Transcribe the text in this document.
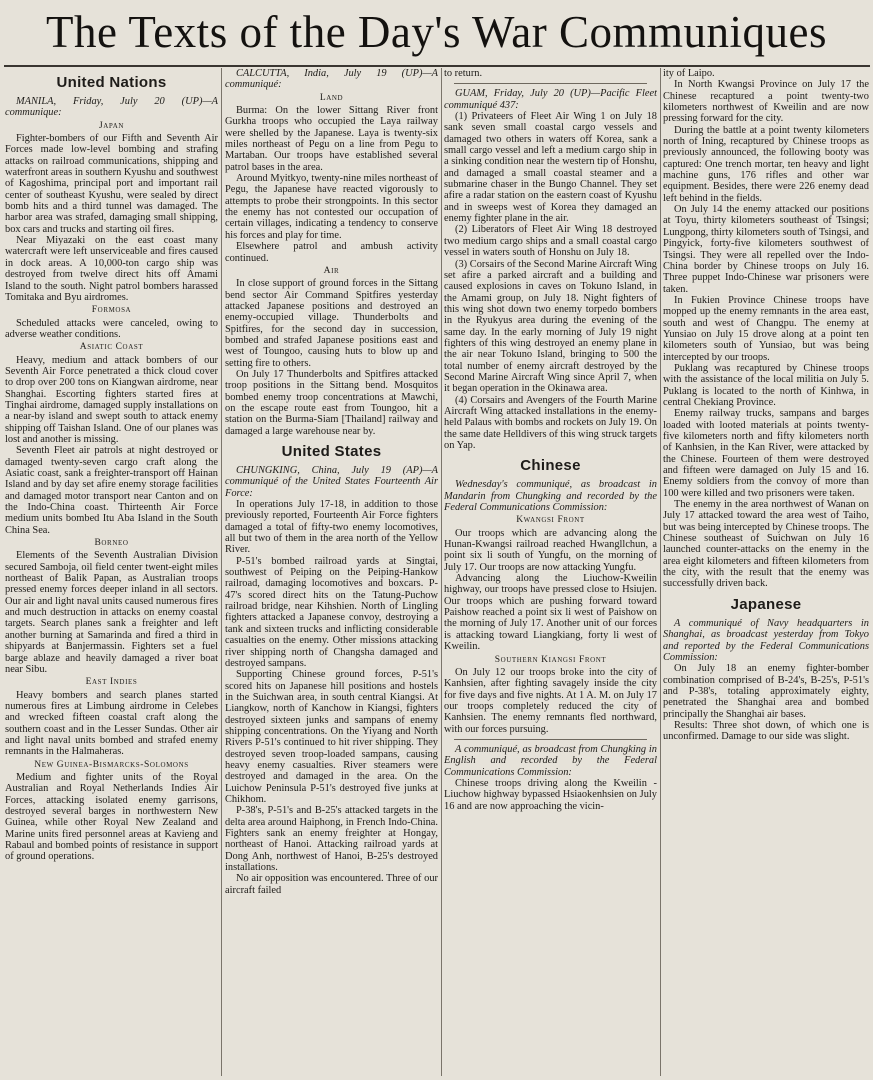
The Texts of the Day's War Communiques
United Nations

MANILA, Friday, July 20 (UP)—A communique:

Japan

Fighter-bombers of our Fifth and Seventh Air Forces made low-level bombing and strafing attacks on railroad communications, shipping and waterfront areas in southern Kyushu and southwest of Kagoshima, principal port and important rail center of southeast Kyushu, were sealed by direct bomb hits and a third tunnel was damaged. The harbor area was strafed, damaging small shipping, box cars and trucks and starting oil fires.

Near Miyazaki on the east coast many watercraft were left unserviceable and fires caused in dock areas. A 10,000-ton cargo ship was destroyed from twelve direct hits off Amami Island to the south. Night patrol bombers harassed Tomitaka and Byu airdromes.

Formosa

Scheduled attacks were canceled, owing to adverse weather conditions.

Asiatic Coast

Heavy, medium and attack bombers of our Seventh Air Force penetrated a thick cloud cover to drop over 200 tons on Kiangwan airdrome, near Shanghai. Escorting fighters started fires at Tinghai airdrome, damaged supply installations on a near-by island and swept south to attack enemy shipping off Taishan Island. One of our planes was lost and another is missing.

Seventh Fleet air patrols at night destroyed or damaged twenty-seven cargo craft along the Asiatic coast, sank a freighter-transport off Hainan Island and by day set afire enemy storage facilities and damaged motor transport near Canton and on the Indo-China coast. Thirteenth Air Force medium units bombed Itu Aba Island in the South China Sea.

Borneo

Elements of the Seventh Australian Division secured Samboja, oil field center twent-eight miles northeast of Balik Papan, as Australian troops pressed enemy forces deeper inland in all sectors. Our air and light naval units caused numerous fires and much destruction in attacks on enemy coastal targets. Search planes sank a freighter and left another burning at Samarinda and fired a third in shipyards at Banjermassin. Fighters set a fuel barge ablaze and heavily damaged a river boat near Sibu.

East Indies

Heavy bombers and search planes started numerous fires at Limbung airdrome in Celebes and wrecked fifteen coastal craft along the southern coast and in the Lesser Sundas. Other air and light naval units bombed and strafed enemy remnants in the Halmaheras.

New Guinea-Bismarcks-Solomons

Medium and fighter units of the Royal Australian and Royal Netherlands Indies Air Forces, attacking isolated enemy garrisons, destroyed several barges in northwestern New Guinea, while other Royal New Zealand and Marine units fired personnel areas at Kavieng and Rabaul and bombed points of resistance in support of ground operations.

CALCUTTA, India, July 19 (UP)—A communiqué:

Land

Burma: On the lower Sittang River front Gurkha troops who occupied the Laya railway were shelled by the Japanese. Laya is twenty-six miles northeast of Pegu on a line from Pegu to Martaban. Our troops have established several patrol bases in the area.

Around Myitkyo, twenty-nine miles northeast of Pegu, the Japanese have reacted vigorously to attempts to probe their strongpoints. In this sector the enemy has not contested our occupation of certain villages, indicating a tendency to conserve his forces and play for time.

Elsewhere patrol and ambush activity continued.

Air

In close support of ground forces in the Sittang bend sector Air Command Spitfires yesterday attacked Japanese positions and destroyed an enemy-occupied village. Thunderbolts and Spitfires, for the second day in succession, bombed and strafed Japanese positions east and west of Toungoo, causing huts to blow up and setting fire to others.

On July 17 Thunderbolts and Spitfires attacked troop positions in the Sittang bend. Mosquitos bombed enemy troop concentrations at Mawchi, on the escape route east from Toungoo, hit a station on the Burma-Siam [Thailand] railway and damaged a large warehouse near by.

United States

CHUNGKING, China, July 19 (AP)—A communiqué of the United States Fourteenth Air Force:

In operations July 17-18, in addition to those previously reported, Fourteenth Air Force fighters damaged a total of fifty-two enemy locomotives, all but two of them in the area north of the Yellow River.

P-51's bombed railroad yards at Singtai, southwest of Peiping on the Peiping-Hankow railroad, damaging locomotives and boxcars. P-47's scored direct hits on the Tatung-Puchow railroad bridge, near Kihshien. North of Lingling fighters attacked a Japanese convoy, destroying a tank and sixteen trucks and inflicting considerable casualties on the enemy. Other missions attacking river shipping north of Changsha damaged and destroyed sampans.

Supporting Chinese ground forces, P-51's scored hits on Japanese hill positions and hostels in the Suichwan area, in south central Kiangsi. At Liangkow, north of Kanchow in Kiangsi, fighters destroyed sixteen junks and sampans of enemy shipping concentrations. On the Yiyang and North Rivers P-51's continued to hit river shipping. They destroyed seven troop-loaded sampans, causing heavy enemy casualties. River steamers were destroyed and damaged in the area. On the Luichow Peninsula P-51's destroyed five junks at Chikhom.

P-38's, P-51's and B-25's attacked targets in the delta area around Haiphong, in French Indo-China. Fighters sank an enemy freighter at Hongay, northeast of Hanoi. Attacking railroad yards at Dong Anh, northwest of Hanoi, B-25's destroyed installations.

No air opposition was encountered. Three of our aircraft failed

to return.

GUAM, Friday, July 20 (UP)—Pacific Fleet communiqué 437:

(1) Privateers of Fleet Air Wing 1 on July 18 sank seven small coastal cargo vessels and damaged two others in waters off Korea, sank a small cargo vessel and left a medium cargo ship in a sinking condition near the western tip of Honshu, and damaged a small coastal steamer and a submarine chaser in the Bungo Channel. They set afire a radar station on the eastern coast of Kyushu and in sweeps west of Korea they damaged an enemy fighter plane in the air.

(2) Liberators of Fleet Air Wing 18 destroyed two medium cargo ships and a small coastal cargo vessel in waters south of Honshu on July 18.

(3) Corsairs of the Second Marine Aircraft Wing set afire a parked aircraft and a building and caused explosions in caves on Tokuno Island, in the Amami group, on July 18. Night fighters of this wing shot down two enemy torpedo bombers in the Ryukyus area during the evening of the same day. In the early morning of July 19 night fighters of this wing destroyed an enemy plane in the air near Tokuno Island, bringing to 500 the total number of enemy aircraft destroyed by the Second Marine Aircraft Wing since April 7, when it began operation in the Okinawa area.

(4) Corsairs and Avengers of the Fourth Marine Aircraft Wing attacked installations in the enemy-held Palaus with bombs and rockets on July 19. On the same date Helldivers of this wing struck targets on Yap.

Chinese

Wednesday's communiqué, as broadcast in Mandarin from Chungking and recorded by the Federal Communications Commission:

Kwangsi Front

Our troops which are advancing along the Hunan-Kwangsi railroad reached Hwangllchun, a point six li south of Yungfu, on the morning of July 17. Our troops are now attacking Yungfu.

Advancing along the Liuchow-Kweilin highway, our troops have pressed close to Hsiujen. Our troops which are pushing forward toward Paishow reached a point six li west of Paishow on the morning of July 17. Another unit of our forces is attacking toward Liangkiang, forty li west of Kweilin.

Southern Kiangsi Front

On July 12 our troops broke into the city of Kanhsien, after fighting savagely inside the city for five days and five nights. At 1 A. M. on July 17 our troops completely reduced the city of Kanhsien. The enemy remnants fled northward, with our forces pursuing.

A communiqué, as broadcast from Chungking in English and recorded by the Federal Communications Commission:

Chinese troops driving along the Kweilin - Liuchow highway bypassed Hsiaokenhsien on July 16 and are now approaching the vicin-

ity of Laipo.

In North Kwangsi Province on July 17 the Chinese recaptured a point twenty-two kilometers northwest of Kweilin and are now pressing forward for the city.

During the battle at a point twenty kilometers north of Ining, recaptured by Chinese troops as previously announced, the following booty was captured: One trench mortar, ten heavy and light machine guns, 176 rifles and other war equipment. Besides, there were 226 enemy dead left behind in the fields.

On July 14 the enemy attacked our positions at Toyu, thirty kilometers southeast of Tsingsi; Lungpong, thirty kilometers south of Tsingsi, and Pingyick, forty-five kilometers southwest of Tsingsi. They were all repelled over the Indo-China border by Chinese troops on July 16. Three puppet Indo-Chinese war prisoners were taken.

In Fukien Province Chinese troops have mopped up the enemy remnants in the area east, south and west of Changpu. The enemy at Yunsiao on July 15 drove along at a point ten kilometers south of Yunsiao, but was being intercepted by our troops.

Puklang was recaptured by Chinese troops with the assistance of the local militia on July 5. Puklang is located to the north of Kinhwa, in central Chekiang Province.

Enemy railway trucks, sampans and barges loaded with looted materials at points twenty-five kilometers north and fifty kilometers north of Kanhsien, in the Kan River, were attacked by the Chinese. Fourteen of them were destroyed and fifteen were damaged on July 15 and 16. Enemy soldiers from the convoy of more than 100 were killed and two prisoners were taken.

The enemy in the area northwest of Wanan on July 17 attacked toward the area west of Taiho, but was being intercepted by Chinese troops. The Chinese southeast of Suichwan on July 16 launched counter-attacks on the enemy in the area eight kilometers and fifteen kilometers from the city, with the result that the enemy was successfully driven back.

Japanese

A communiqué of Navy headquarters in Shanghai, as broadcast yesterday from Tokyo and reported by the Federal Communications Commission:

On July 18 an enemy fighter-bomber combination comprised of B-24's, B-25's, P-51's and P-38's, totaling approximately eighty, penetrated the Shanghai area and bombed principally the Shanghai air bases.

Results: Three shot down, of which one is unconfirmed. Damage to our side was slight.
